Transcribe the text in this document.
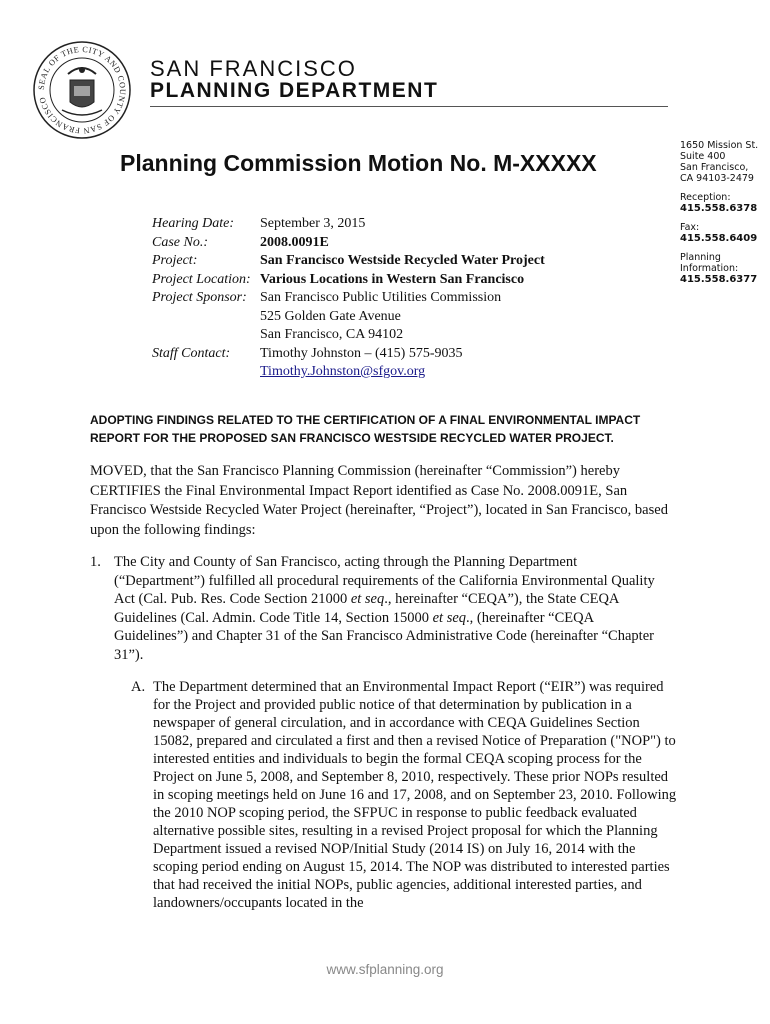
SEAL OF THE CITY AND COUNTY OF SAN FRANCISCO
SAN FRANCISCO
PLANNING DEPARTMENT
1650 Mission St.
Suite 400
San Francisco,
CA 94103-2479
Reception:
415.558.6378
Fax:
415.558.6409
Planning
Information:
415.558.6377
Planning Commission Motion No. M-XXXXX
Hearing Date:	September 3, 2015
Case No.:	2008.0091E
Project:	San Francisco Westside Recycled Water Project
Project Location:	Various Locations in Western San Francisco
Project Sponsor:	San Francisco Public Utilities Commission
525 Golden Gate Avenue
San Francisco, CA 94102

Staff Contact:	Timothy Johnston – (415) 575-9035
Timothy.Johnston@sfgov.org
ADOPTING FINDINGS RELATED TO THE CERTIFICATION OF A FINAL ENVIRONMENTAL IMPACT REPORT FOR THE PROPOSED SAN FRANCISCO WESTSIDE RECYCLED WATER PROJECT.
MOVED, that the San Francisco Planning Commission (hereinafter “Commission”) hereby CERTIFIES the Final Environmental Impact Report identified as Case No. 2008.0091E, San Francisco Westside Recycled Water Project (hereinafter, “Project”), located in San Francisco, based upon the following findings:
1. The City and County of San Francisco, acting through the Planning Department (“Department”) fulfilled all procedural requirements of the California Environmental Quality Act (Cal. Pub. Res. Code Section 21000 et seq., hereinafter “CEQA”), the State CEQA Guidelines (Cal. Admin. Code Title 14, Section 15000 et seq., (hereinafter “CEQA Guidelines”) and Chapter 31 of the San Francisco Administrative Code (hereinafter “Chapter 31”).
A. The Department determined that an Environmental Impact Report (“EIR”) was required for the Project and provided public notice of that determination by publication in a newspaper of general circulation, and in accordance with CEQA Guidelines Section 15082, prepared and circulated a first and then a revised Notice of Preparation ("NOP") to interested entities and individuals to begin the formal CEQA scoping process for the Project on June 5, 2008, and September 8, 2010, respectively. These prior NOPs resulted in scoping meetings held on June 16 and 17, 2008, and on September 23, 2010. Following the 2010 NOP scoping period, the SFPUC in response to public feedback evaluated alternative possible sites, resulting in a revised Project proposal for which the Planning Department issued a revised NOP/Initial Study (2014 IS) on July 16, 2014 with the scoping period ending on August 15, 2014. The NOP was distributed to interested parties that had received the initial NOPs, public agencies, additional interested parties, and landowners/occupants located in the
www.sfplanning.org
